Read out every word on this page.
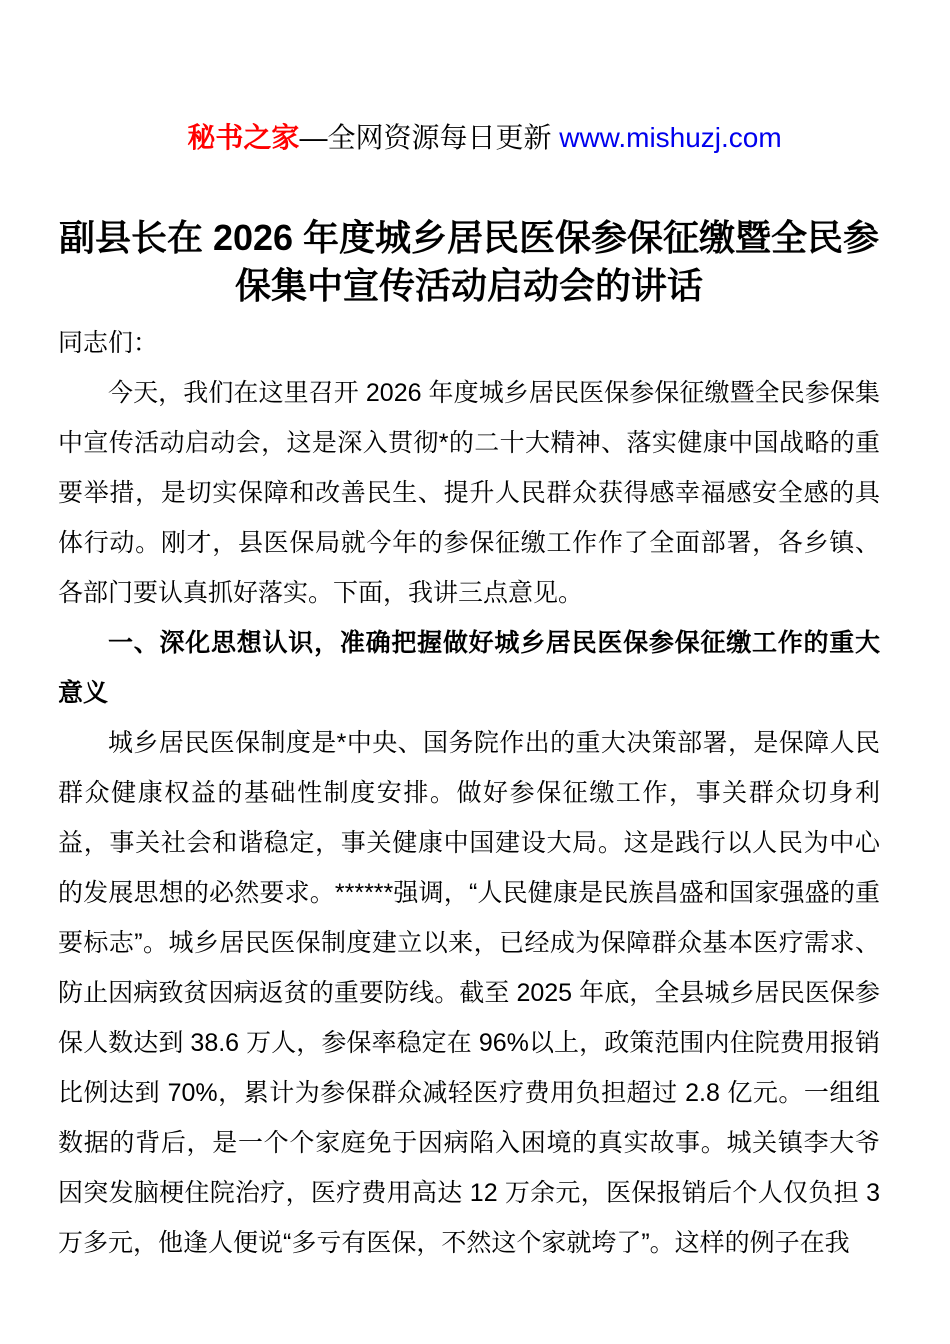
秘书之家—全网资源每日更新 www.mishuzj.com

副县长在 2026 年度城乡居民医保参保征缴暨全民参保集中宣传活动启动会的讲话

同志们：

今天，我们在这里召开 2026 年度城乡居民医保参保征缴暨全民参保集中宣传活动启动会，这是深入贯彻*的二十大精神、落实健康中国战略的重要举措，是切实保障和改善民生、提升人民群众获得感幸福感安全感的具体行动。刚才，县医保局就今年的参保征缴工作作了全面部署，各乡镇、各部门要认真抓好落实。下面，我讲三点意见。

一、深化思想认识，准确把握做好城乡居民医保参保征缴工作的重大意义

城乡居民医保制度是*中央、国务院作出的重大决策部署，是保障人民群众健康权益的基础性制度安排。做好参保征缴工作，事关群众切身利益，事关社会和谐稳定，事关健康中国建设大局。这是践行以人民为中心的发展思想的必然要求。******强调，“人民健康是民族昌盛和国家强盛的重要标志”。城乡居民医保制度建立以来，已经成为保障群众基本医疗需求、防止因病致贫因病返贫的重要防线。截至 2025 年底，全县城乡居民医保参保人数达到 38.6 万人，参保率稳定在 96%以上，政策范围内住院费用报销比例达到 70%，累计为参保群众减轻医疗费用负担超过 2.8 亿元。一组组数据的背后，是一个个家庭免于因病陷入困境的真实故事。城关镇李大爷因突发脑梗住院治疗，医疗费用高达 12 万余元，医保报销后个人仅负担 3 万多元，他逢人便说“多亏有医保，不然这个家就垮了”。这样的例子在我
